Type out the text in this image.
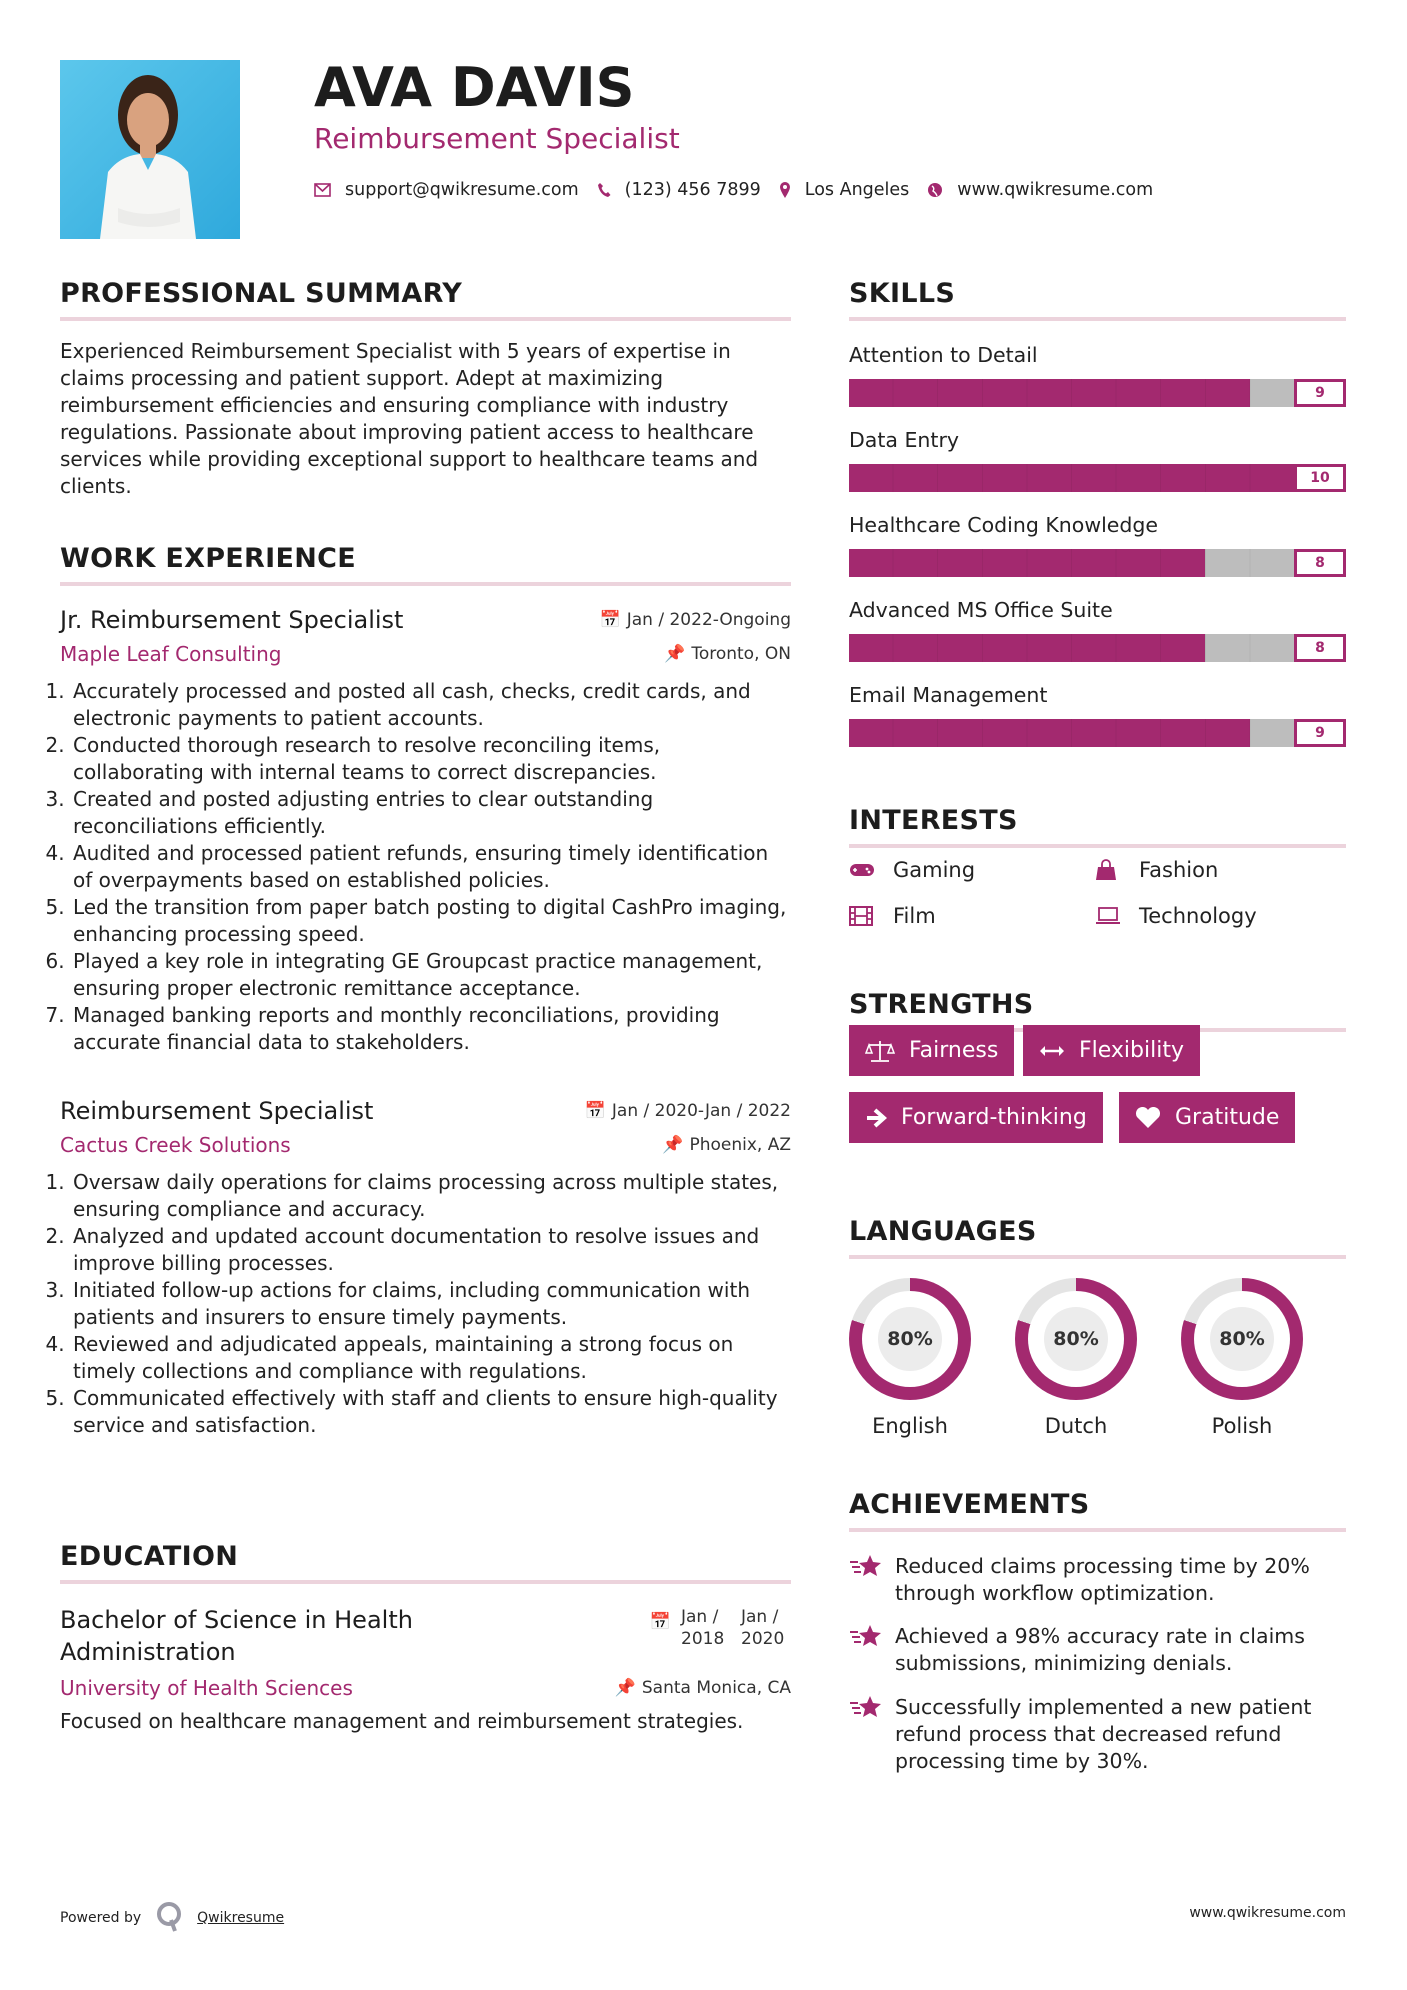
AVA DAVIS
Reimbursement Specialist
support@qwikresume.com	(123) 456 7899	Los Angeles	www.qwikresume.com
PROFESSIONAL SUMMARY
Experienced Reimbursement Specialist with 5 years of expertise in claims processing and patient support. Adept at maximizing reimbursement efficiencies and ensuring compliance with industry regulations. Passionate about improving patient access to healthcare services while providing exceptional support to healthcare teams and clients.
WORK EXPERIENCE
Jr. Reimbursement Specialist	📅 Jan / 2022-Ongoing
Maple Leaf Consulting	📌 Toronto, ON
1. Accurately processed and posted all cash, checks, credit cards, and electronic payments to patient accounts.
2. Conducted thorough research to resolve reconciling items, collaborating with internal teams to correct discrepancies.
3. Created and posted adjusting entries to clear outstanding reconciliations efficiently.
4. Audited and processed patient refunds, ensuring timely identification of overpayments based on established policies.
5. Led the transition from paper batch posting to digital CashPro imaging, enhancing processing speed.
6. Played a key role in integrating GE Groupcast practice management, ensuring proper electronic remittance acceptance.
7. Managed banking reports and monthly reconciliations, providing accurate financial data to stakeholders.
Reimbursement Specialist	📅 Jan / 2020-Jan / 2022
Cactus Creek Solutions	📌 Phoenix, AZ
1. Oversaw daily operations for claims processing across multiple states, ensuring compliance and accuracy.
2. Analyzed and updated account documentation to resolve issues and improve billing processes.
3. Initiated follow-up actions for claims, including communication with patients and insurers to ensure timely payments.
4. Reviewed and adjudicated appeals, maintaining a strong focus on timely collections and compliance with regulations.
5. Communicated effectively with staff and clients to ensure high-quality service and satisfaction.
EDUCATION
Bachelor of Science in Health Administration
📅 Jan / 2018
Jan / 2020
University of Health Sciences	📌 Santa Monica, CA
Focused on healthcare management and reimbursement strategies.
SKILLS
Attention to Detail
9
Data Entry
10
Healthcare Coding Knowledge
8
Advanced MS Office Suite
8
Email Management
9
INTERESTS
Gaming	Fashion
Film	Technology
STRENGTHS
Fairness	Flexibility
Forward-thinking	Gratitude
LANGUAGES
80%
English
80%
Dutch
80%
Polish
ACHIEVEMENTS
Reduced claims processing time by 20% through workflow optimization.
Achieved a 98% accuracy rate in claims submissions, minimizing denials.
Successfully implemented a new patient refund process that decreased refund processing time by 30%.
Powered by	Qwikresume	www.qwikresume.com
